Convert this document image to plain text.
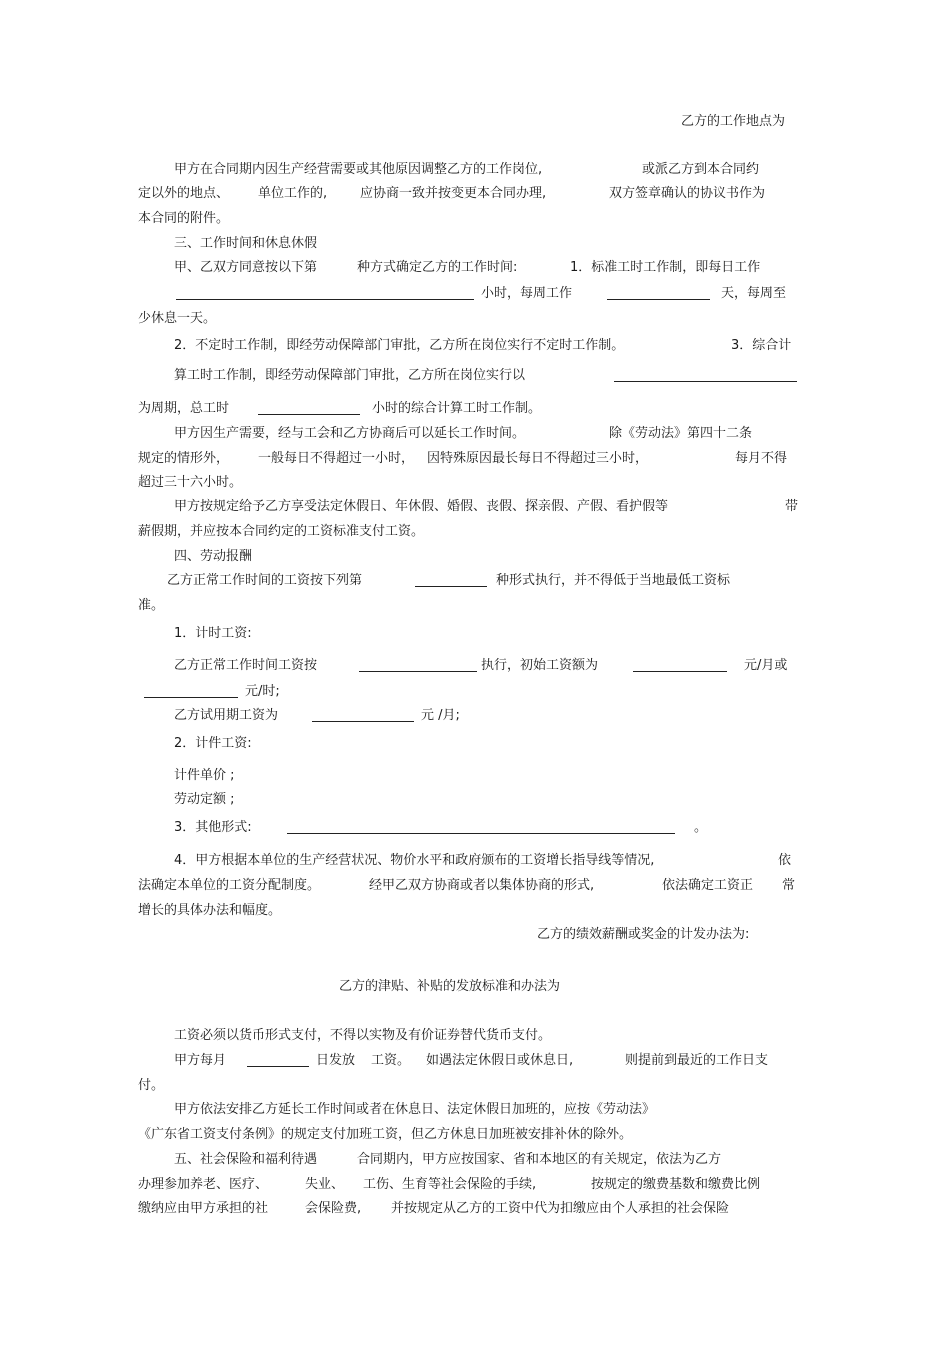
乙方的工作地点为
甲方在合同期内因生产经营需要或其他原因调整乙方的工作岗位,	或派乙方到本合同约
定以外的地点、 单位工作的,	应协商一致并按变更本合同办理,	双方签章确认的协议书作为
本合同的附件。
三、工作时间和休息休假
甲、乙双方同意按以下第	种方式确定乙方的工作时间:	1．标准工时工作制，即每日工作
小时，每周工作	天，每周至
少休息一天。
2．不定时工作制，即经劳动保障部门审批，乙方所在岗位实行不定时工作制。	3．综合计
算工时工作制，即经劳动保障部门审批，乙方所在岗位实行以
为周期，总工时	小时的综合计算工时工作制。
甲方因生产需要，经与工会和乙方协商后可以延长工作时间。	除《劳动法》第四十二条
规定的情形外， 一般每日不得超过一小时， 因特殊原因最长每日不得超过三小时，	每月不得
超过三十六小时。
甲方按规定给予乙方享受法定休假日、年休假、婚假、丧假、探亲假、产假、看护假等	带
薪假期，并应按本合同约定的工资标准支付工资。
四、劳动报酬
乙方正常工作时间的工资按下列第	种形式执行，并不得低于当地最低工资标
准。
1．计时工资:
乙方正常工作时间工资按	执行，初始工资额为	元/月或
元/时;
乙方试用期工资为	元 /月;
2．计件工资:
计件单价 ;
劳动定额 ;
3．其他形式:	。
4．甲方根据本单位的生产经营状况、物价水平和政府颁布的工资增长指导线等情况,	依
法确定本单位的工资分配制度。	经甲乙双方协商或者以集体协商的形式,	依法确定工资正 常
增长的具体办法和幅度。
乙方的绩效薪酬或奖金的计发办法为:
乙方的津贴、补贴的发放标准和办法为
工资必须以货币形式支付，不得以实物及有价证券替代货币支付。
甲方每月	日发放 工资。 如遇法定休假日或休息日,	则提前到最近的工作日支
付。
甲方依法安排乙方延长工作时间或者在休息日、法定休假日加班的，应按《劳动法》
《广东省工资支付条例》的规定支付加班工资，但乙方休息日加班被安排补休的除外。
五、社会保险和福利待遇	合同期内，甲方应按国家、省和本地区的有关规定，依法为乙方
办理参加养老、医疗、	失业、 工伤、生育等社会保险的手续,	按规定的缴费基数和缴费比例
缴纳应由甲方承担的社	会保险费, 并按规定从乙方的工资中代为扣缴应由个人承担的社会保险
